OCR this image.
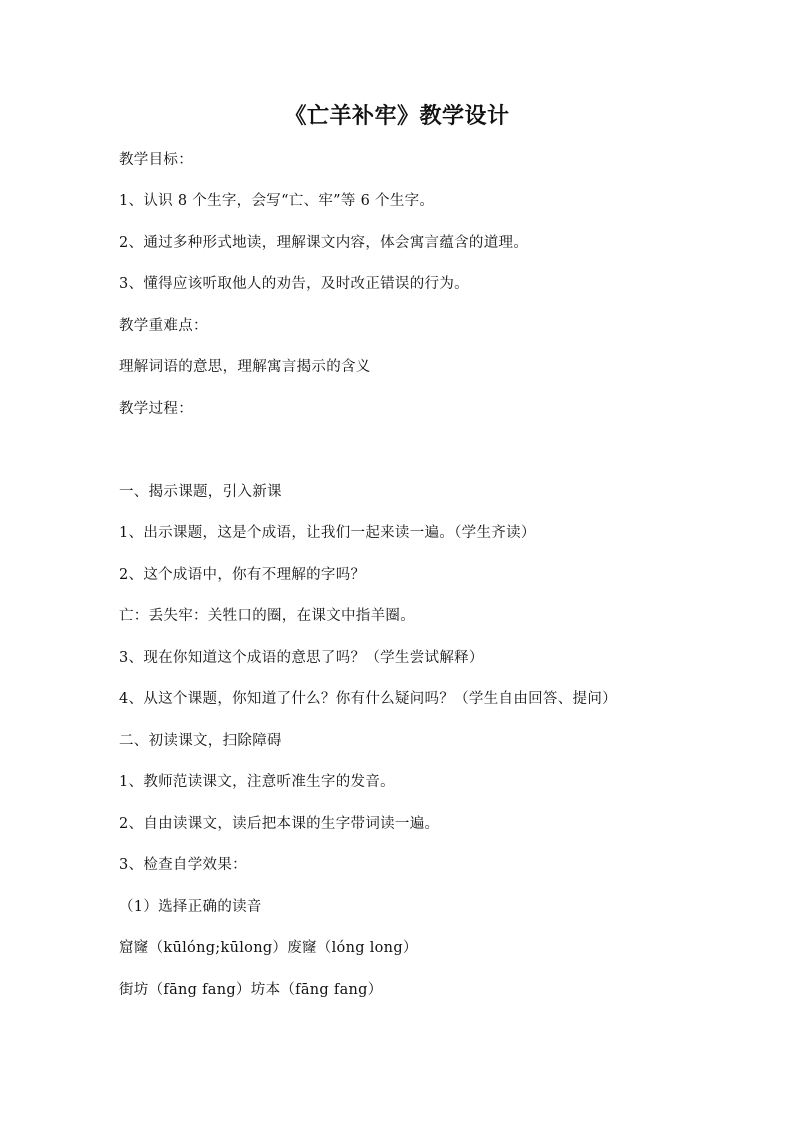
《亡羊补牢》教学设计
教学目标：
1、认识 8 个生字，会写“亡、牢”等 6 个生字。
2、通过多种形式地读，理解课文内容，体会寓言蕴含的道理。
3、懂得应该听取他人的劝告，及时改正错误的行为。
教学重难点：
理解词语的意思，理解寓言揭示的含义
教学过程：
一、揭示课题，引入新课
1、出示课题，这是个成语，让我们一起来读一遍。（学生齐读）
2、这个成语中，你有不理解的字吗？
亡：丢失牢：关牲口的圈，在课文中指羊圈。
3、现在你知道这个成语的意思了吗？（学生尝试解释）
4、从这个课题，你知道了什么？你有什么疑问吗？（学生自由回答、提问）
二、初读课文，扫除障碍
1、教师范读课文，注意听准生字的发音。
2、自由读课文，读后把本课的生字带词读一遍。
3、检查自学效果：
（1）选择正确的读音
窟窿（kūlóng;kūlong）废窿（lóng long）
街坊（fāng fang）坊本（fāng fang）
